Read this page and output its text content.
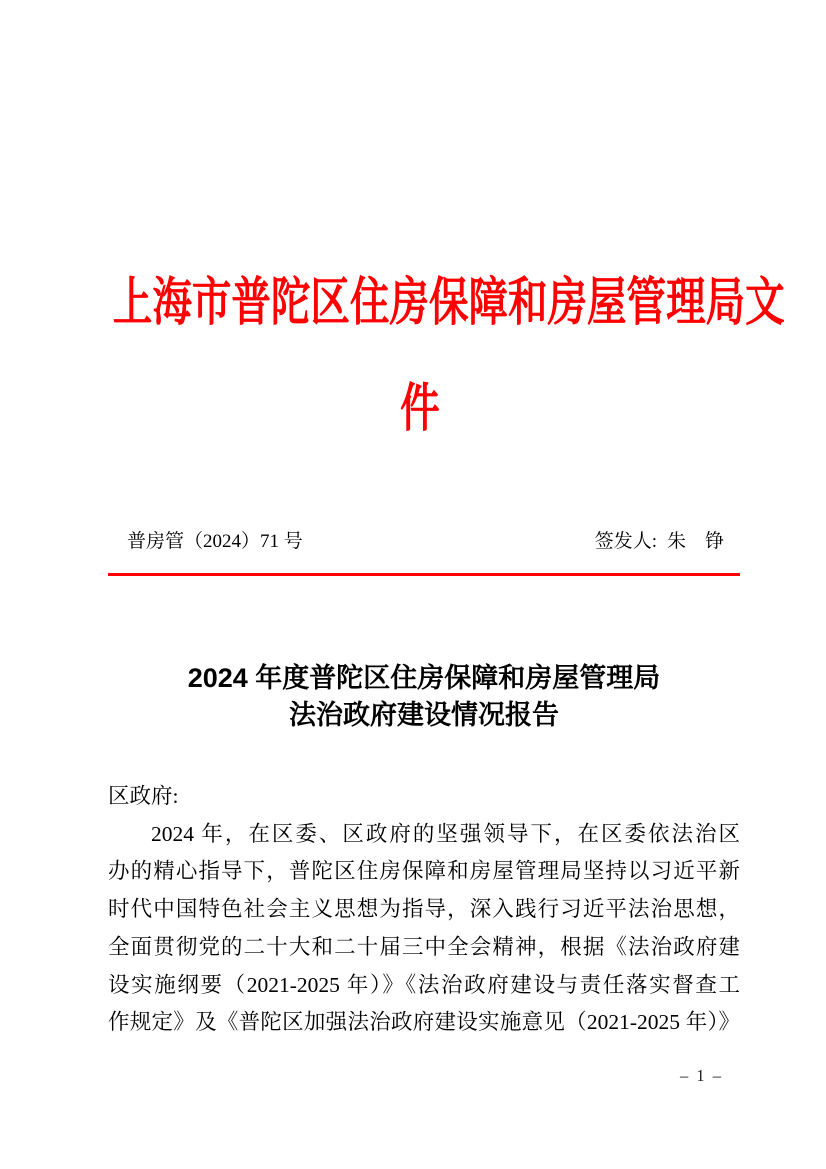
上海市普陀区住房保障和房屋管理局文
件
普房管（2024）71 号	签发人: 朱　铮
2024 年度普陀区住房保障和房屋管理局
法治政府建设情况报告
区政府:
2024 年，在区委、区政府的坚强领导下，在区委依法治区
办的精心指导下，普陀区住房保障和房屋管理局坚持以习近平新
时代中国特色社会主义思想为指导，深入践行习近平法治思想，
全面贯彻党的二十大和二十届三中全会精神，根据《法治政府建
设实施纲要（2021-2025 年）》《法治政府建设与责任落实督查工
作规定》及《普陀区加强法治政府建设实施意见（2021-2025 年）》
– 1 –
